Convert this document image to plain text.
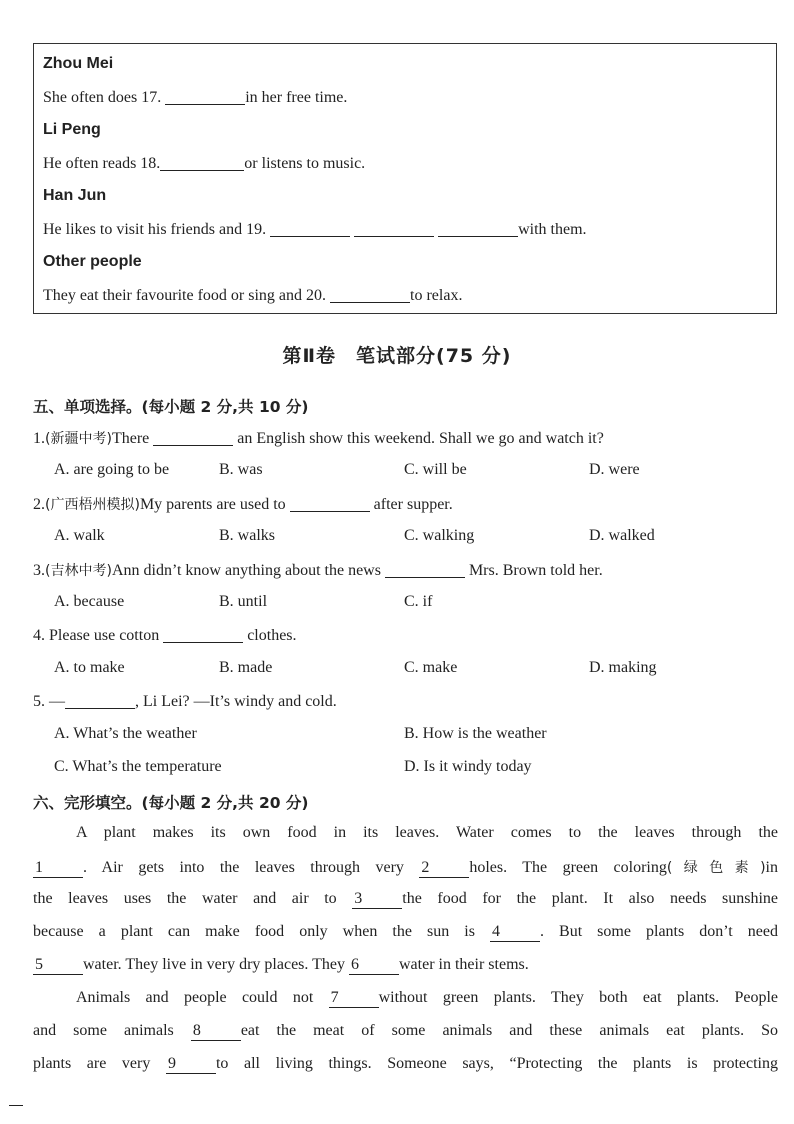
Zhou Mei
She often does 17.	in her free time.
Li Peng
He often reads 18.	or listens to music.
Han Jun
He likes to visit his friends and 19.	with them.
Other people
They eat their favourite food or sing and 20.	to relax.
第Ⅱ卷　笔试部分(75 分)
五、单项选择。(每小题 2 分,共 10 分)
1.(新疆中考)There	an English show this weekend. Shall we go and watch it?
A. are going to be	B. was	C. will be	D. were
2.(广西梧州模拟)My parents are used to	after supper.
A. walk	B. walks	C. walking	D. walked
3.(吉林中考)Ann didn’t know anything about the news	Mrs. Brown told her.
A. because	B. until	C. if
4. Please use cotton	clothes.
A. to make	B. made	C. make	D. making
5. —	, Li Lei? —It’s windy and cold.
A. What’s the weather	B. How is the weather
C. What’s the temperature	D. Is it windy today
六、完形填空。(每小题 2 分,共 20 分)
A plant makes its own food in its leaves. Water comes to the leaves through the
1	. Air gets into the leaves through very 2	holes. The green coloring(绿色素)in
the leaves uses the water and air to 3	the food for the plant. It also needs sunshine
because a plant can make food only when the sun is 4	. But some plants don’t need
5	water. They live in very dry places. They 6	water in their stems.
Animals and people could not 7	without green plants. They both eat plants. People
and some animals 8	eat the meat of some animals and these animals eat plants. So
plants are very 9	to all living things. Someone says, “Protecting the plants is protecting
